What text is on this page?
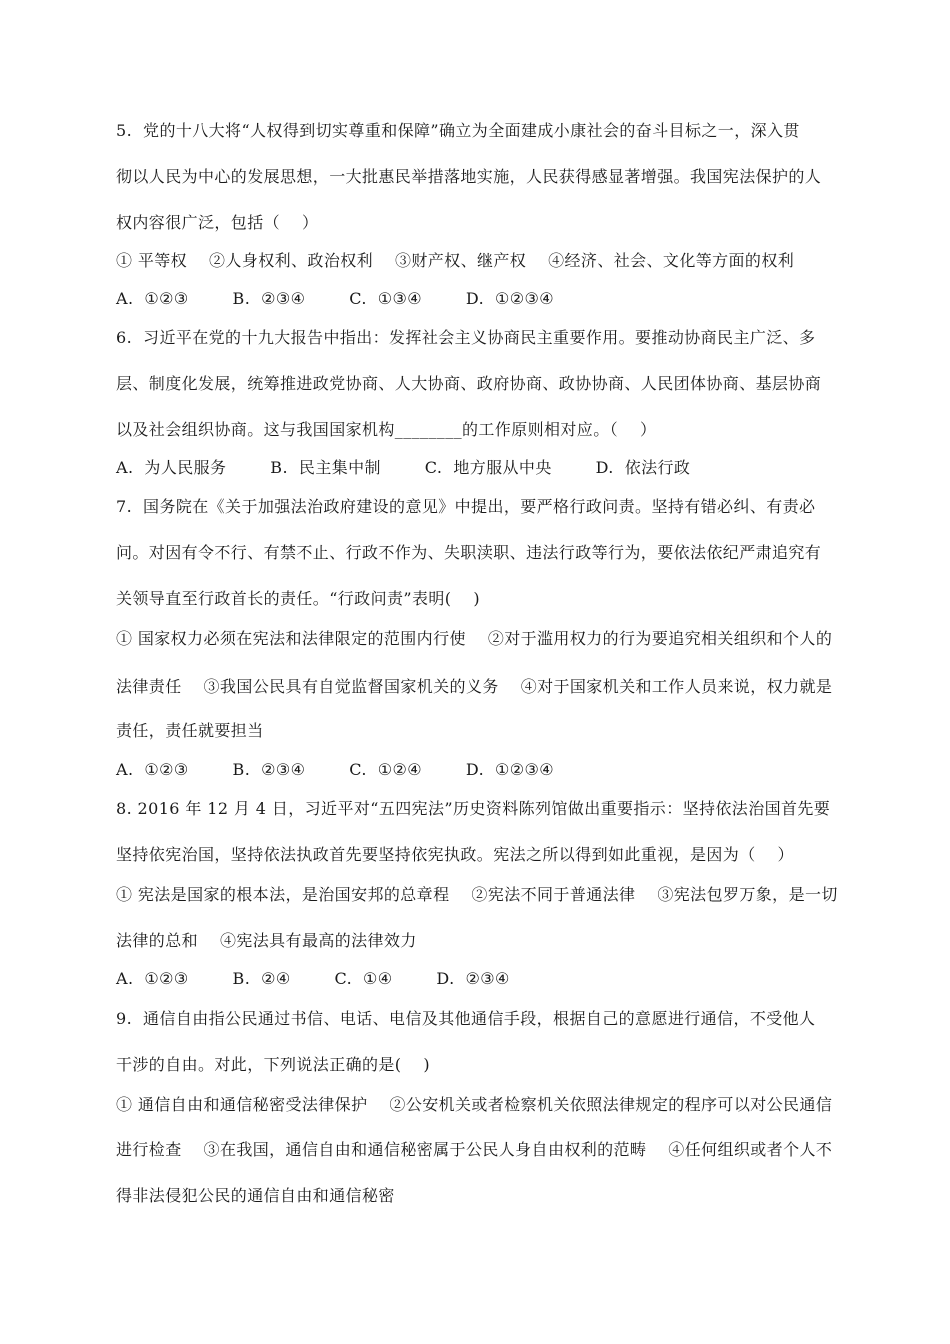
5.  党的十八大将“人权得到切实尊重和保障”确立为全面建成小康社会的奋斗目标之一，深入贯
彻以人民为中心的发展思想，一大批惠民举措落地实施，人民获得感显著增强。我国宪法保护的人
权内容很广泛，包括（    ）
① 平等权    ②人身权利、政治权利    ③财产权、继产权    ④经济、社会、文化等方面的权利
A.  ①②③        B.  ②③④        C.  ①③④        D.  ①②③④
6.  习近平在党的十九大报告中指出：发挥社会主义协商民主重要作用。要推动协商民主广泛、多
层、制度化发展，统筹推进政党协商、人大协商、政府协商、政协协商、人民团体协商、基层协商
以及社会组织协商。这与我国国家机构________的工作原则相对应。（    ）
A.  为人民服务        B.  民主集中制        C.  地方服从中央        D.  依法行政
7.  国务院在《关于加强法治政府建设的意见》中提出，要严格行政问责。坚持有错必纠、有责必
问。对因有令不行、有禁不止、行政不作为、失职渎职、违法行政等行为，要依法依纪严肃追究有
关领导直至行政首长的责任。“行政问责”表明(    )
① 国家权力必须在宪法和法律限定的范围内行使    ②对于滥用权力的行为要追究相关组织和个人的
法律责任    ③我国公民具有自觉监督国家机关的义务    ④对于国家机关和工作人员来说，权力就是
责任，责任就要担当
A.  ①②③        B.  ②③④        C.  ①②④        D.  ①②③④
8. 2016 年 12 月 4 日，习近平对“五四宪法”历史资料陈列馆做出重要指示：坚持依法治国首先要
坚持依宪治国，坚持依法执政首先要坚持依宪执政。宪法之所以得到如此重视，是因为（    ）
① 宪法是国家的根本法，是治国安邦的总章程    ②宪法不同于普通法律    ③宪法包罗万象，是一切
法律的总和    ④宪法具有最高的法律效力
A.  ①②③        B.  ②④        C.  ①④        D.  ②③④
9.  通信自由指公民通过书信、电话、电信及其他通信手段，根据自己的意愿进行通信，不受他人
干涉的自由。对此，下列说法正确的是(    )
① 通信自由和通信秘密受法律保护    ②公安机关或者检察机关依照法律规定的程序可以对公民通信
进行检查    ③在我国，通信自由和通信秘密属于公民人身自由权利的范畴    ④任何组织或者个人不
得非法侵犯公民的通信自由和通信秘密
